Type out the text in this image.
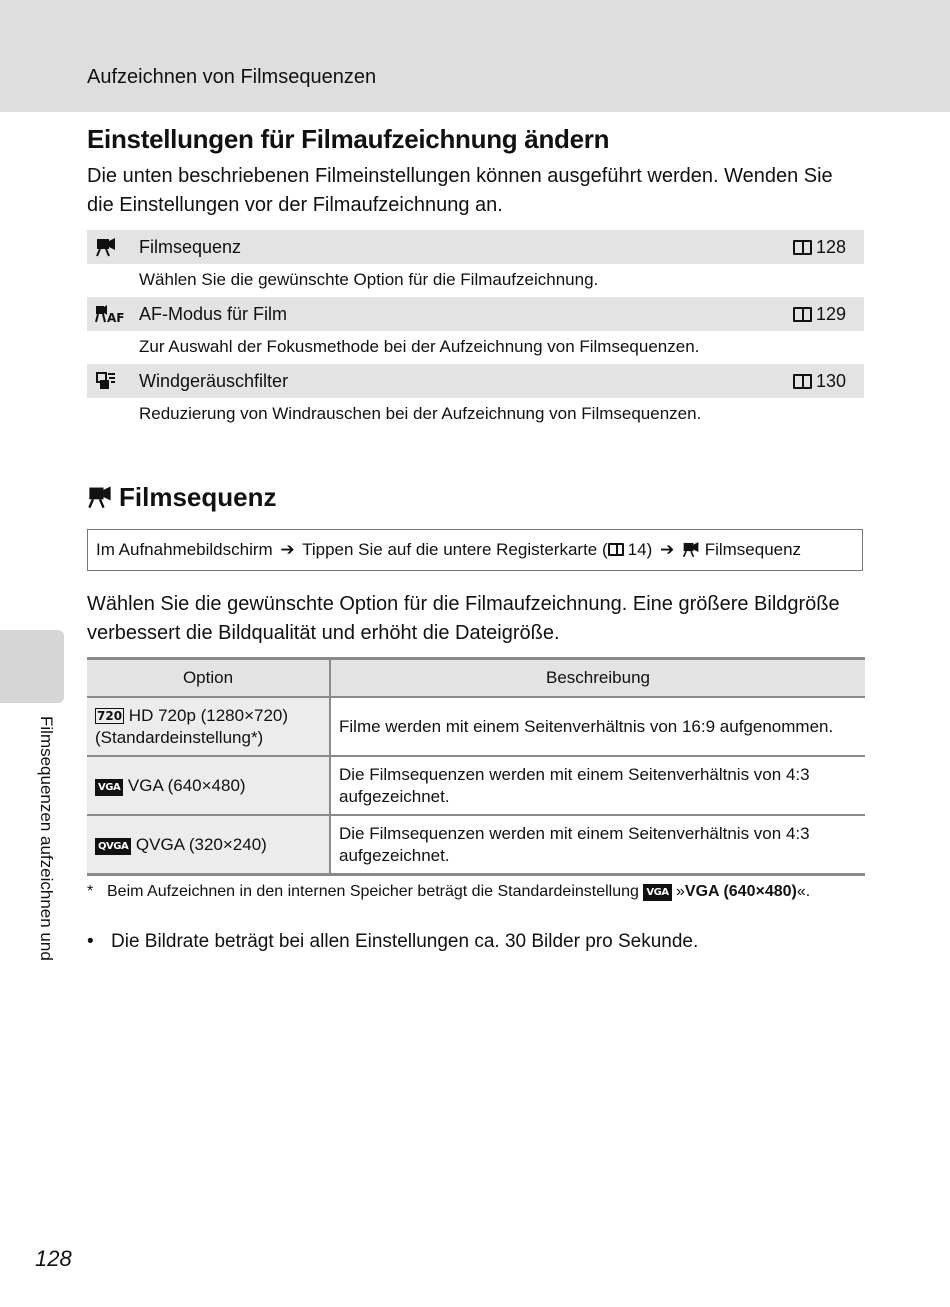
Aufzeichnen von Filmsequenzen
Einstellungen für Filmaufzeichnung ändern
Die unten beschriebenen Filmeinstellungen können ausgeführt werden. Wenden Sie die Einstellungen vor der Filmaufzeichnung an.
Filmsequenz	128
Wählen Sie die gewünschte Option für die Filmaufzeichnung.
AF AF-Modus für Film	129
Zur Auswahl der Fokusmethode bei der Aufzeichnung von Filmsequenzen.
Windgeräuschfilter	130
Reduzierung von Windrauschen bei der Aufzeichnung von Filmsequenzen.
Filmsequenz
Im Aufnahmebildschirm ➔ Tippen Sie auf die untere Registerkarte ( 14) ➔ Filmsequenz
Wählen Sie die gewünschte Option für die Filmaufzeichnung. Eine größere Bildgröße verbessert die Bildqualität und erhöht die Dateigröße.
Option	Beschreibung
720 HD 720p (1280×720)
(Standardeinstellung*)	Filme werden mit einem Seitenverhältnis von 16:9 aufgenommen.
VGA VGA (640×480)	Die Filmsequenzen werden mit einem Seitenverhältnis von 4:3 aufgezeichnet.
QVGA QVGA (320×240)	Die Filmsequenzen werden mit einem Seitenverhältnis von 4:3 aufgezeichnet.
* Beim Aufzeichnen in den internen Speicher beträgt die Standardeinstellung VGA »VGA (640×480)«.
• Die Bildrate beträgt bei allen Einstellungen ca. 30 Bilder pro Sekunde.
Filmsequenzen aufzeichnen und
128
